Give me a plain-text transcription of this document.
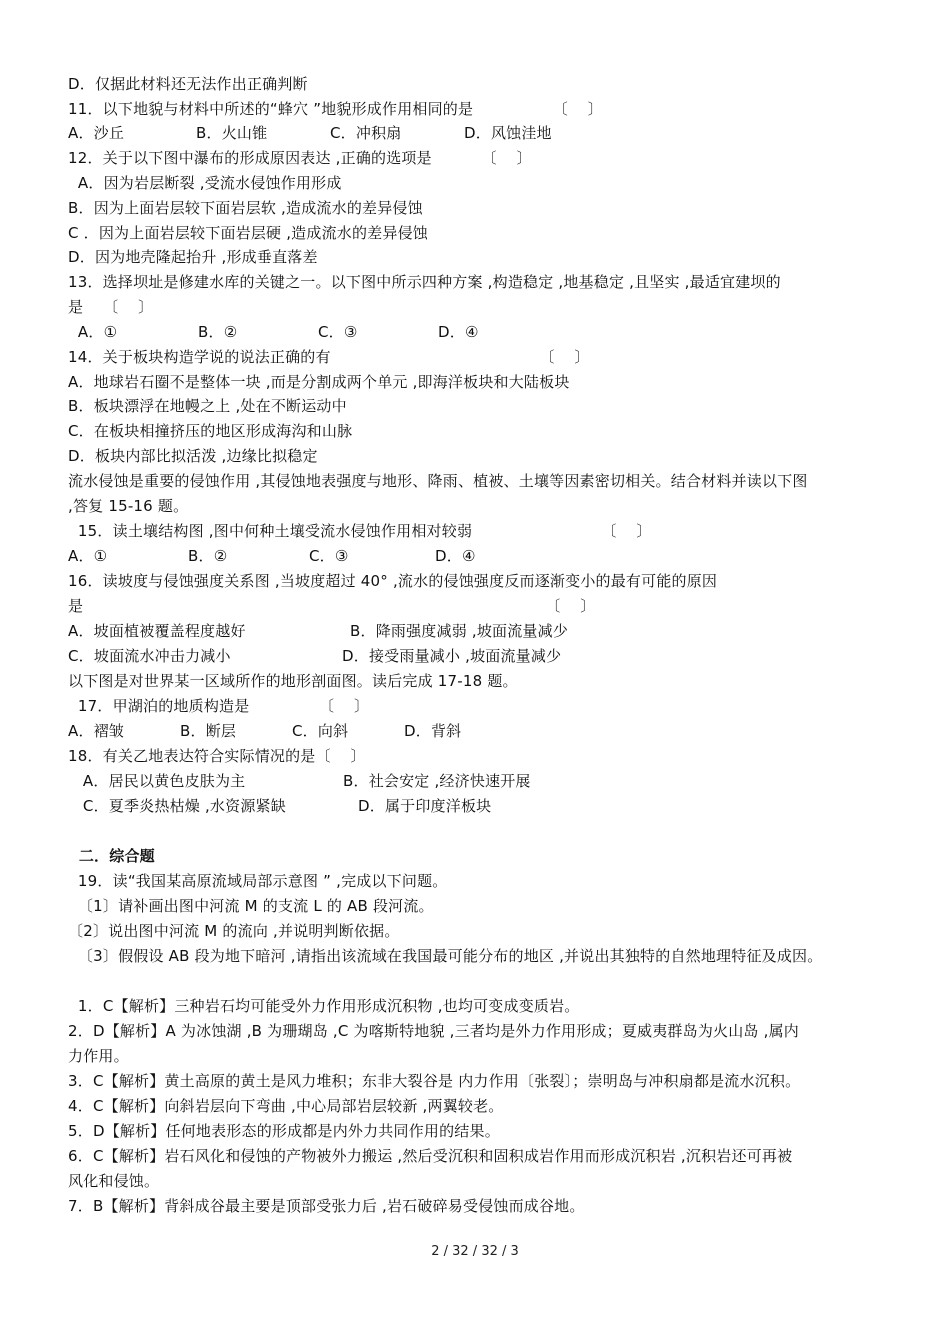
D．仅据此材料还无法作出正确判断
11．以下地貌与材料中所述的“蜂穴 ”地貌形成作用相同的是                〔    〕
A．沙丘	B．火山锥	C．冲积扇	D．风蚀洼地
12．关于以下图中瀑布的形成原因表达 ,正确的选项是          〔    〕
A．因为岩层断裂 ,受流水侵蚀作用形成
B．因为上面岩层较下面岩层软 ,造成流水的差异侵蚀
C ．因为上面岩层较下面岩层硬 ,造成流水的差异侵蚀
D．因为地壳隆起抬升 ,形成垂直落差
13．选择坝址是修建水库的关键之一。以下图中所示四种方案 ,构造稳定 ,地基稳定 ,且坚实 ,最适宜建坝的
是    〔    〕
A．①	B．②	C．③	D．④
14．关于板块构造学说的说法正确的有                                          〔    〕
A．地球岩石圈不是整体一块 ,而是分割成两个单元 ,即海洋板块和大陆板块
B．板块漂浮在地幔之上 ,处在不断运动中
C．在板块相撞挤压的地区形成海沟和山脉
D．板块内部比拟活泼 ,边缘比拟稳定
流水侵蚀是重要的侵蚀作用 ,其侵蚀地表强度与地形、降雨、植被、土壤等因素密切相关。结合材料并读以下图
,答复 15-16 题。
15．读土壤结构图 ,图中何种土壤受流水侵蚀作用相对较弱                          〔    〕
A．①	B．②	C．③	D．④
16．读坡度与侵蚀强度关系图 ,当坡度超过 40° ,流水的侵蚀强度反而逐渐变小的最有可能的原因
是                                                                                             〔    〕
A．坡面植被覆盖程度越好	B．降雨强度减弱 ,坡面流量减少
C．坡面流水冲击力减小	D．接受雨量减小 ,坡面流量减少
以下图是对世界某一区域所作的地形剖面图。读后完成 17-18 题。
17．甲湖泊的地质构造是              〔    〕
A．褶皱	B．断层	C．向斜	D．背斜
18．有关乙地表达符合实际情况的是〔    〕
A．居民以黄色皮肤为主	B．社会安定 ,经济快速开展
C．夏季炎热枯燥 ,水资源紧缺	D．属于印度洋板块
二．综合题
19．读“我国某高原流域局部示意图 ” ,完成以下问题。
〔1〕请补画出图中河流 M 的支流 L 的 AB 段河流。
〔2〕说出图中河流 M 的流向 ,并说明判断依据。
〔3〕假假设 AB 段为地下暗河 ,请指出该流域在我国最可能分布的地区 ,并说出其独特的自然地理特征及成因。
1．C【解析】三种岩石均可能受外力作用形成沉积物 ,也均可变成变质岩。
2．D【解析】A 为冰蚀湖 ,B 为珊瑚岛 ,C 为喀斯特地貌 ,三者均是外力作用形成；夏威夷群岛为火山岛 ,属内
力作用。
3．C【解析】黄土高原的黄土是风力堆积；东非大裂谷是 内力作用〔张裂〕；崇明岛与冲积扇都是流水沉积。
4．C【解析】向斜岩层向下弯曲 ,中心局部岩层较新 ,两翼较老。
5．D【解析】任何地表形态的形成都是内外力共同作用的结果。
6．C【解析】岩石风化和侵蚀的产物被外力搬运 ,然后受沉积和固积成岩作用而形成沉积岩 ,沉积岩还可再被
风化和侵蚀。
7．B【解析】背斜成谷最主要是顶部受张力后 ,岩石破碎易受侵蚀而成谷地。
2 / 32 / 32 / 3
